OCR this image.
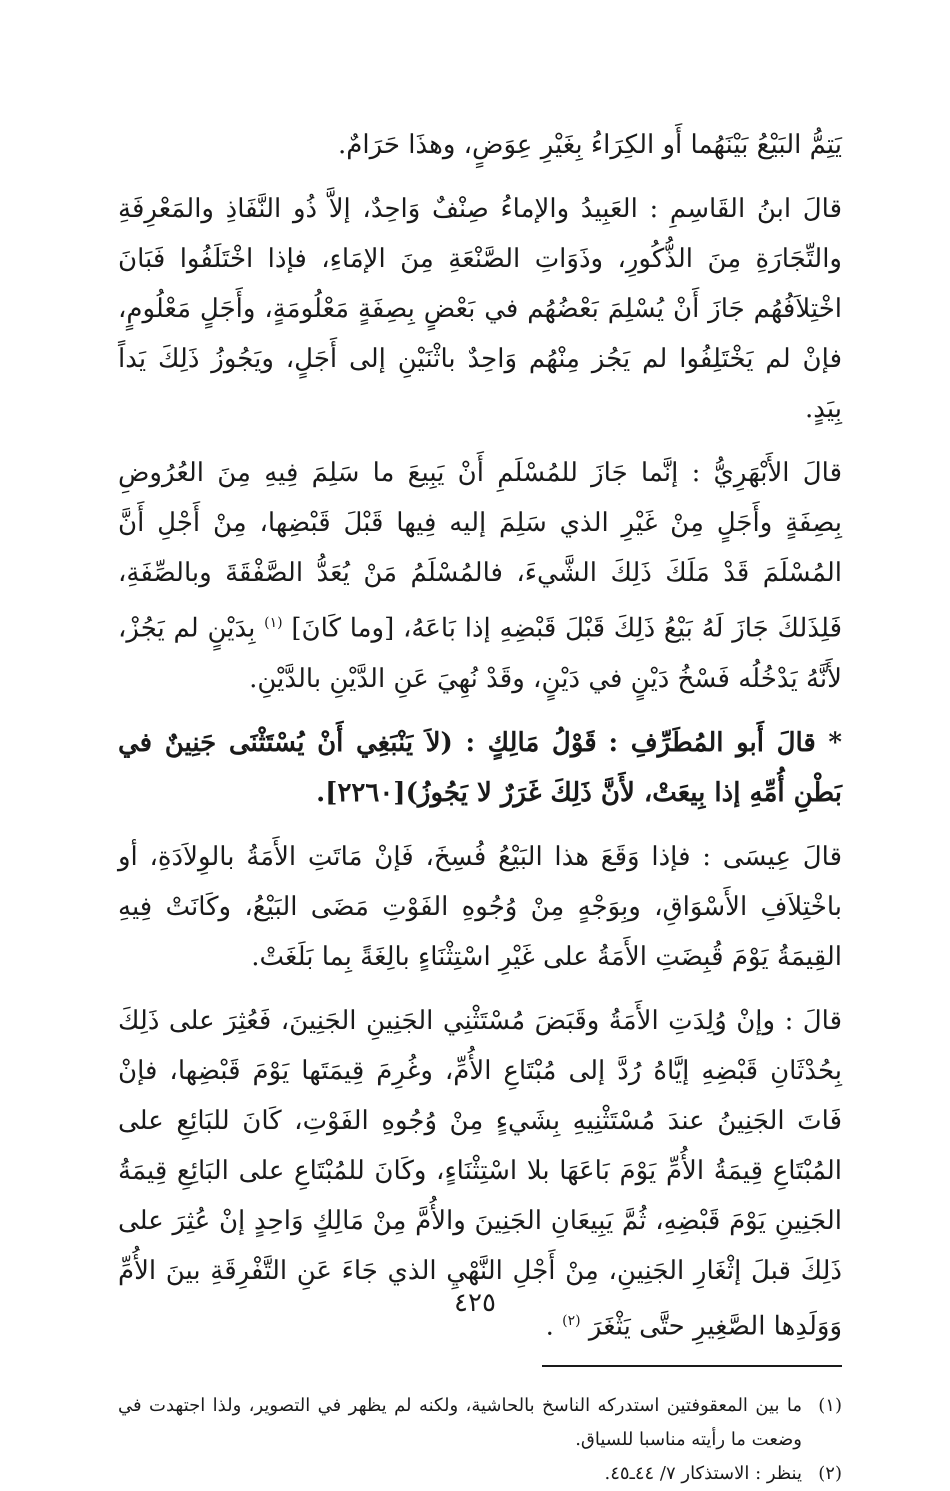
يَتِمُّ البَيْعُ بَيْنَهُما أَو الكِرَاءُ بِغَيْرِ عِوَضٍ، وهذَا حَرَامٌ.

قالَ ابنُ القَاسِمِ : العَبِيدُ والإماءُ صِنْفٌ وَاحِدٌ، إلاَّ ذُو النَّفَاذِ والمَعْرِفَةِ والتِّجَارَةِ مِنَ الذُّكُورِ، وذَوَاتِ الصَّنْعَةِ مِنَ الإمَاءِ، فإذا اخْتَلَفُوا فَبَانَ اخْتِلاَفُهُم جَازَ أَنْ يُسْلِمَ بَعْضُهُم في بَعْضٍ بِصِفَةٍ مَعْلُومَةٍ، وأَجَلٍ مَعْلُومٍ، فإنْ لم يَخْتَلِفُوا لم يَجُز مِنْهُم وَاحِدٌ باثْنَيْنِ إلى أَجَلٍ، ويَجُوزُ ذَلِكَ يَداً بِيَدٍ.

قالَ الأَبْهَرِيُّ : إنَّما جَازَ للمُسْلَمِ أَنْ يَبِيعَ ما سَلِمَ فِيهِ مِنَ العُرُوضِ بِصِفَةٍ وأَجَلٍ مِنْ غَيْرِ الذي سَلِمَ إليه فِيها قَبْلَ قَبْضِها، مِنْ أَجْلِ أَنَّ المُسْلَمَ قَدْ مَلَكَ ذَلِكَ الشَّيءَ، فالمُسْلَمُ مَنْ يُعَدُّ الصَّفْقَةَ وبالصِّفَةِ، فَلِذَلكَ جَازَ لَهُ بَيْعُ ذَلِكَ قَبْلَ قَبْضِهِ إذا بَاعَهُ، [وما كَانَ] $^{(١)}$ بِدَيْنٍ لم يَجُزْ، لأَنَّهُ يَدْخُلُه فَسْخُ دَيْنٍ في دَيْنٍ، وقَدْ نُهِيَ عَنِ الدَّيْنِ بالدَّيْنِ.

* قالَ أَبو المُطَرِّفِ : قَوْلُ مَالِكٍ : (لاَ يَنْبَغِي أَنْ يُسْتَثْنَى جَنِينٌ في بَطْنِ أُمِّهِ إذا بِيعَتْ، لأَنَّ ذَلِكَ غَرَرٌ لا يَجُوزُ)[٢٢٦٠].

قالَ عِيسَى : فإذا وَقَعَ هذا البَيْعُ فُسِخَ، فَإنْ مَاتَتِ الأَمَةُ بالوِلاَدَةِ، أو باخْتِلاَفِ الأَسْوَاقِ، وبِوَجْهٍ مِنْ وُجُوهِ الفَوْتِ مَضَى البَيْعُ، وكَانَتْ فِيهِ القِيمَةُ يَوْمَ قُبِضَتِ الأَمَةُ على غَيْرِ اسْتِثْنَاءٍ بالِغَةً بِما بَلَغَتْ.

قالَ : وإنْ وُلِدَتِ الأَمَةُ وقَبَضَ مُسْتَثْنِي الجَنِينِ الجَنِينَ، فَعُثِرَ على ذَلِكَ بِحُدْثَانِ قَبْضِهِ إيَّاهُ رُدَّ إلى مُبْتَاعِ الأُمِّ، وغُرِمَ قِيمَتَها يَوْمَ قَبْضِها، فإنْ فَاتَ الجَنِينُ عندَ مُسْتَثْنِيهِ بِشَيءٍ مِنْ وُجُوهِ الفَوْتِ، كَانَ للبَائِعِ على المُبْتَاعِ قِيمَةُ الأُمِّ يَوْمَ بَاعَهَا بلا اسْتِثْنَاءٍ، وكَانَ للمُبْتَاعِ على البَائِعِ قِيمَةُ الجَنِينِ يَوْمَ قَبْضِهِ، ثُمَّ يَبِيعَانِ الجَنِينَ والأُمَّ مِنْ مَالِكٍ وَاحِدٍ إنْ عُثِرَ على ذَلِكَ قبلَ إثْغَارِ الجَنِينِ، مِنْ أَجْلِ النَّهْيِ الذي جَاءَ عَنِ التَّفْرِقَةِ بينَ الأُمِّ وَوَلَدِها الصَّغِيرِ حتَّى يَثْغَرَ $^{(٢)}$ .

(١)
ما بين المعقوفتين استدركه الناسخ بالحاشية، ولكنه لم يظهر في التصوير، ولذا اجتهدت في وضعت ما رأيته مناسبا للسياق.
(٢)
ينظر : الاستذكار ٧/ ٤٤ـ٤٥.
٤٢٥
